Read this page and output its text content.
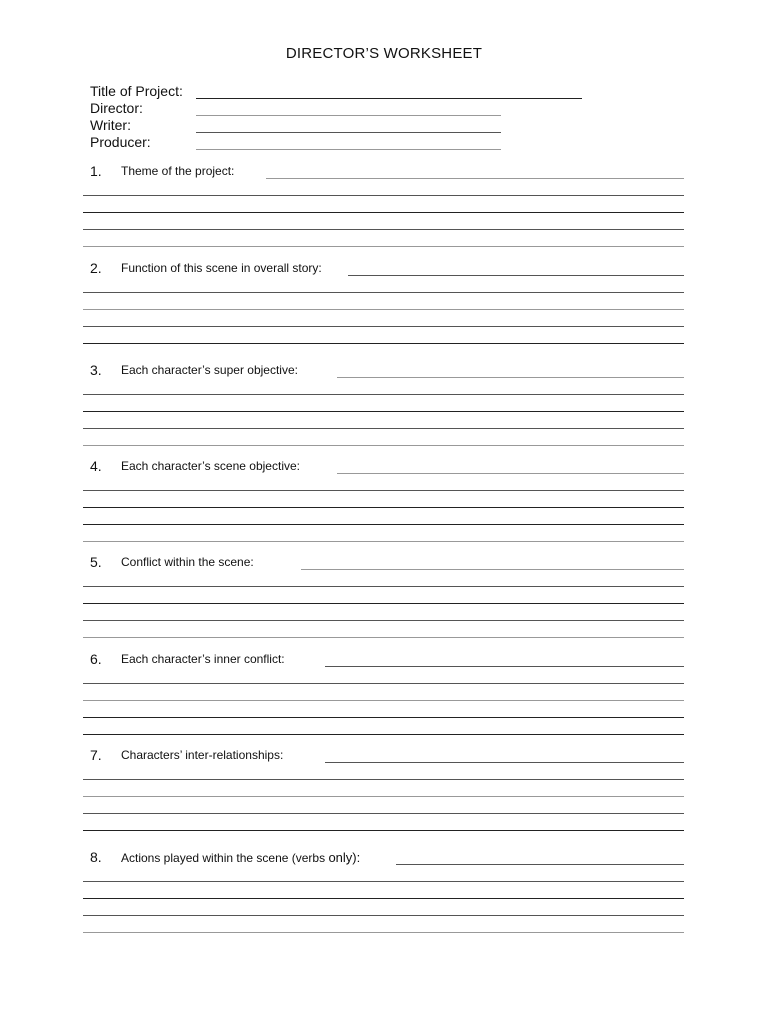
DIRECTOR’S WORKSHEET
Title of Project:
Director:
Writer:
Producer:
1. Theme of the project:
2. Function of this scene in overall story:
3. Each character’s super objective:
4. Each character’s scene objective:
5. Conflict within the scene:
6. Each character’s inner conflict:
7. Characters’ inter-relationships:
8. Actions played within the scene (verbs only):
